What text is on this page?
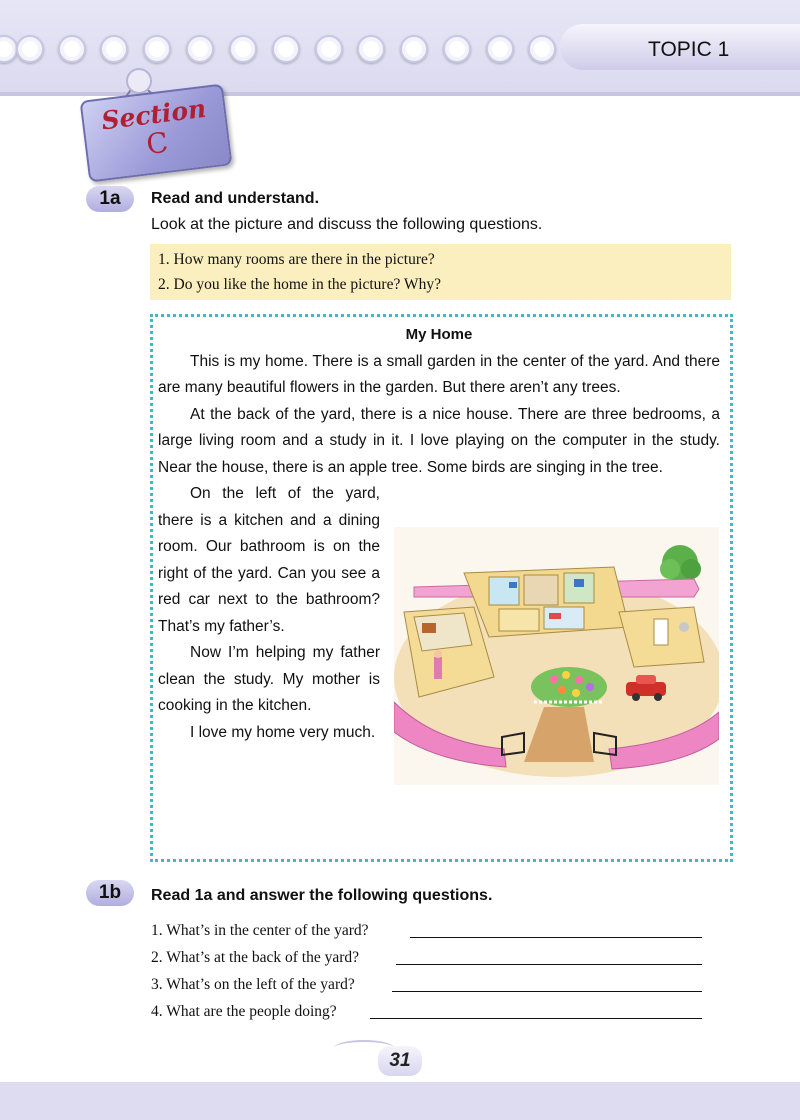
TOPIC 1
Section
C
1a	Read and understand.
Look at the picture and discuss the following questions.
1. How many rooms are there in the picture?
2. Do you like the home in the picture? Why?

My Home

This is my home. There is a small garden in the center of the yard. And there are many beautiful flowers in the garden. But there aren’t any trees.

At the back of the yard, there is a nice house. There are three bedrooms, a large living room and a study in it. I love playing on the computer in the study. Near the house, there is an apple tree. Some birds are singing in the tree.

On the left of the yard, there is a kitchen and a dining room. Our bathroom is on the right of the yard. Can you see a red car next to the bathroom? That’s my father’s.

Now I’m helping my father clean the study. My mother is cooking in the kitchen.

I love my home very much.

1b	Read 1a and answer the following questions.
1. What’s in the center of the yard?
2. What’s at the back of the yard?
3. What’s on the left of the yard?
4. What are the people doing?
31
